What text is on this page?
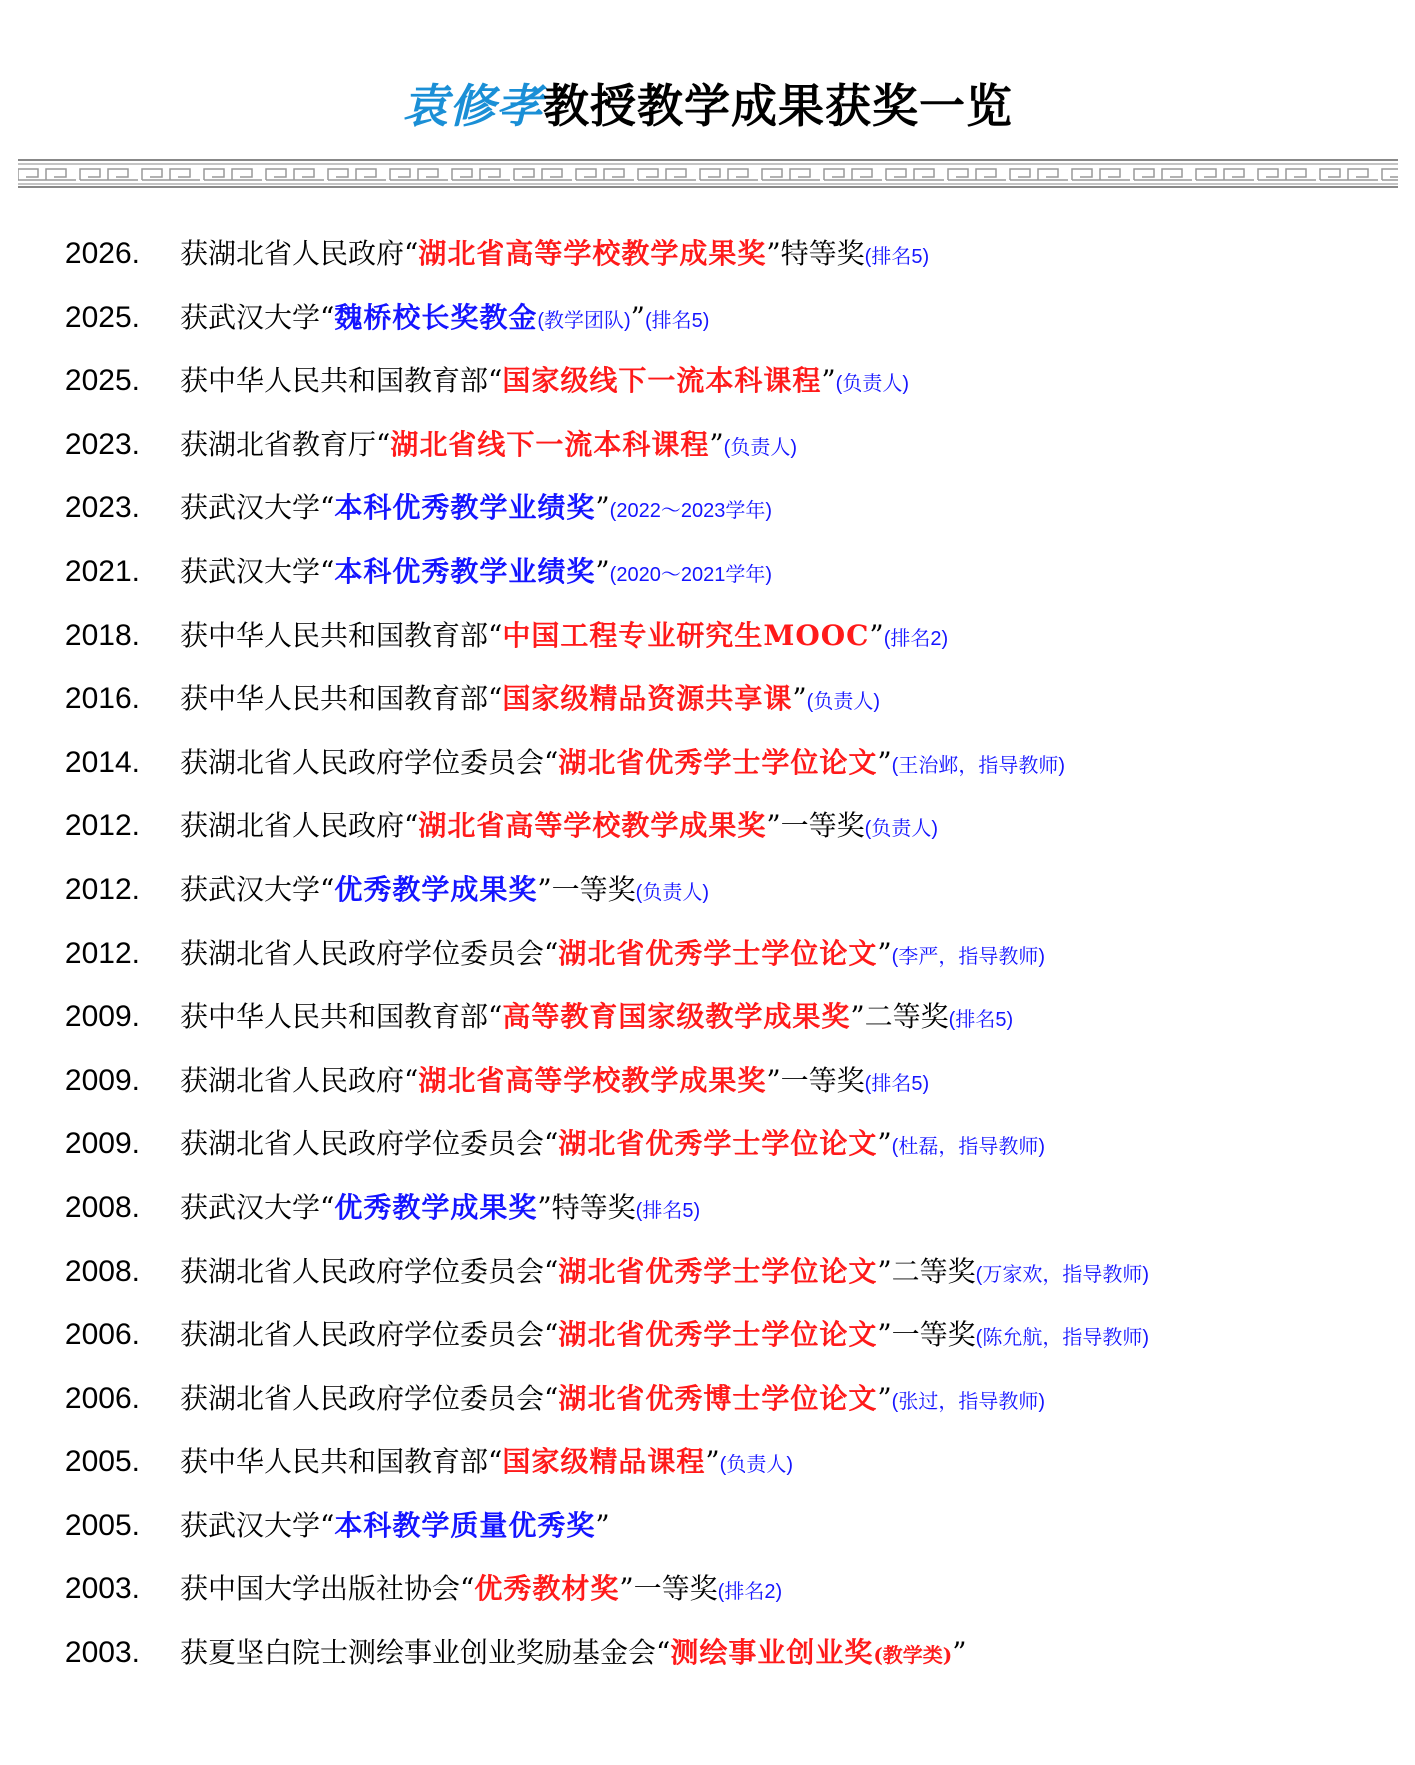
袁修孝教授教学成果获奖一览
2026. 获湖北省人民政府“湖北省高等学校教学成果奖”特等奖(排名5)
2025. 获武汉大学“魏桥校长奖教金(教学团队)”(排名5)
2025. 获中华人民共和国教育部“国家级线下一流本科课程”(负责人)
2023. 获湖北省教育厅“湖北省线下一流本科课程”(负责人)
2023. 获武汉大学“本科优秀教学业绩奖”(2022～2023学年)
2021. 获武汉大学“本科优秀教学业绩奖”(2020～2021学年)
2018. 获中华人民共和国教育部“中国工程专业研究生MOOC”(排名2)
2016. 获中华人民共和国教育部“国家级精品资源共享课”(负责人)
2014. 获湖北省人民政府学位委员会“湖北省优秀学士学位论文”(王治邺，指导教师)
2012. 获湖北省人民政府“湖北省高等学校教学成果奖”一等奖(负责人)
2012. 获武汉大学“优秀教学成果奖”一等奖(负责人)
2012. 获湖北省人民政府学位委员会“湖北省优秀学士学位论文”(李严，指导教师)
2009. 获中华人民共和国教育部“高等教育国家级教学成果奖”二等奖(排名5)
2009. 获湖北省人民政府“湖北省高等学校教学成果奖”一等奖(排名5)
2009. 获湖北省人民政府学位委员会“湖北省优秀学士学位论文”(杜磊，指导教师)
2008. 获武汉大学“优秀教学成果奖”特等奖(排名5)
2008. 获湖北省人民政府学位委员会“湖北省优秀学士学位论文”二等奖(万家欢，指导教师)
2006. 获湖北省人民政府学位委员会“湖北省优秀学士学位论文”一等奖(陈允航，指导教师)
2006. 获湖北省人民政府学位委员会“湖北省优秀博士学位论文”(张过，指导教师)
2005. 获中华人民共和国教育部“国家级精品课程”(负责人)
2005. 获武汉大学“本科教学质量优秀奖”
2003. 获中国大学出版社协会“优秀教材奖”一等奖(排名2)
2003. 获夏坚白院士测绘事业创业奖励基金会“测绘事业创业奖(教学类)”
